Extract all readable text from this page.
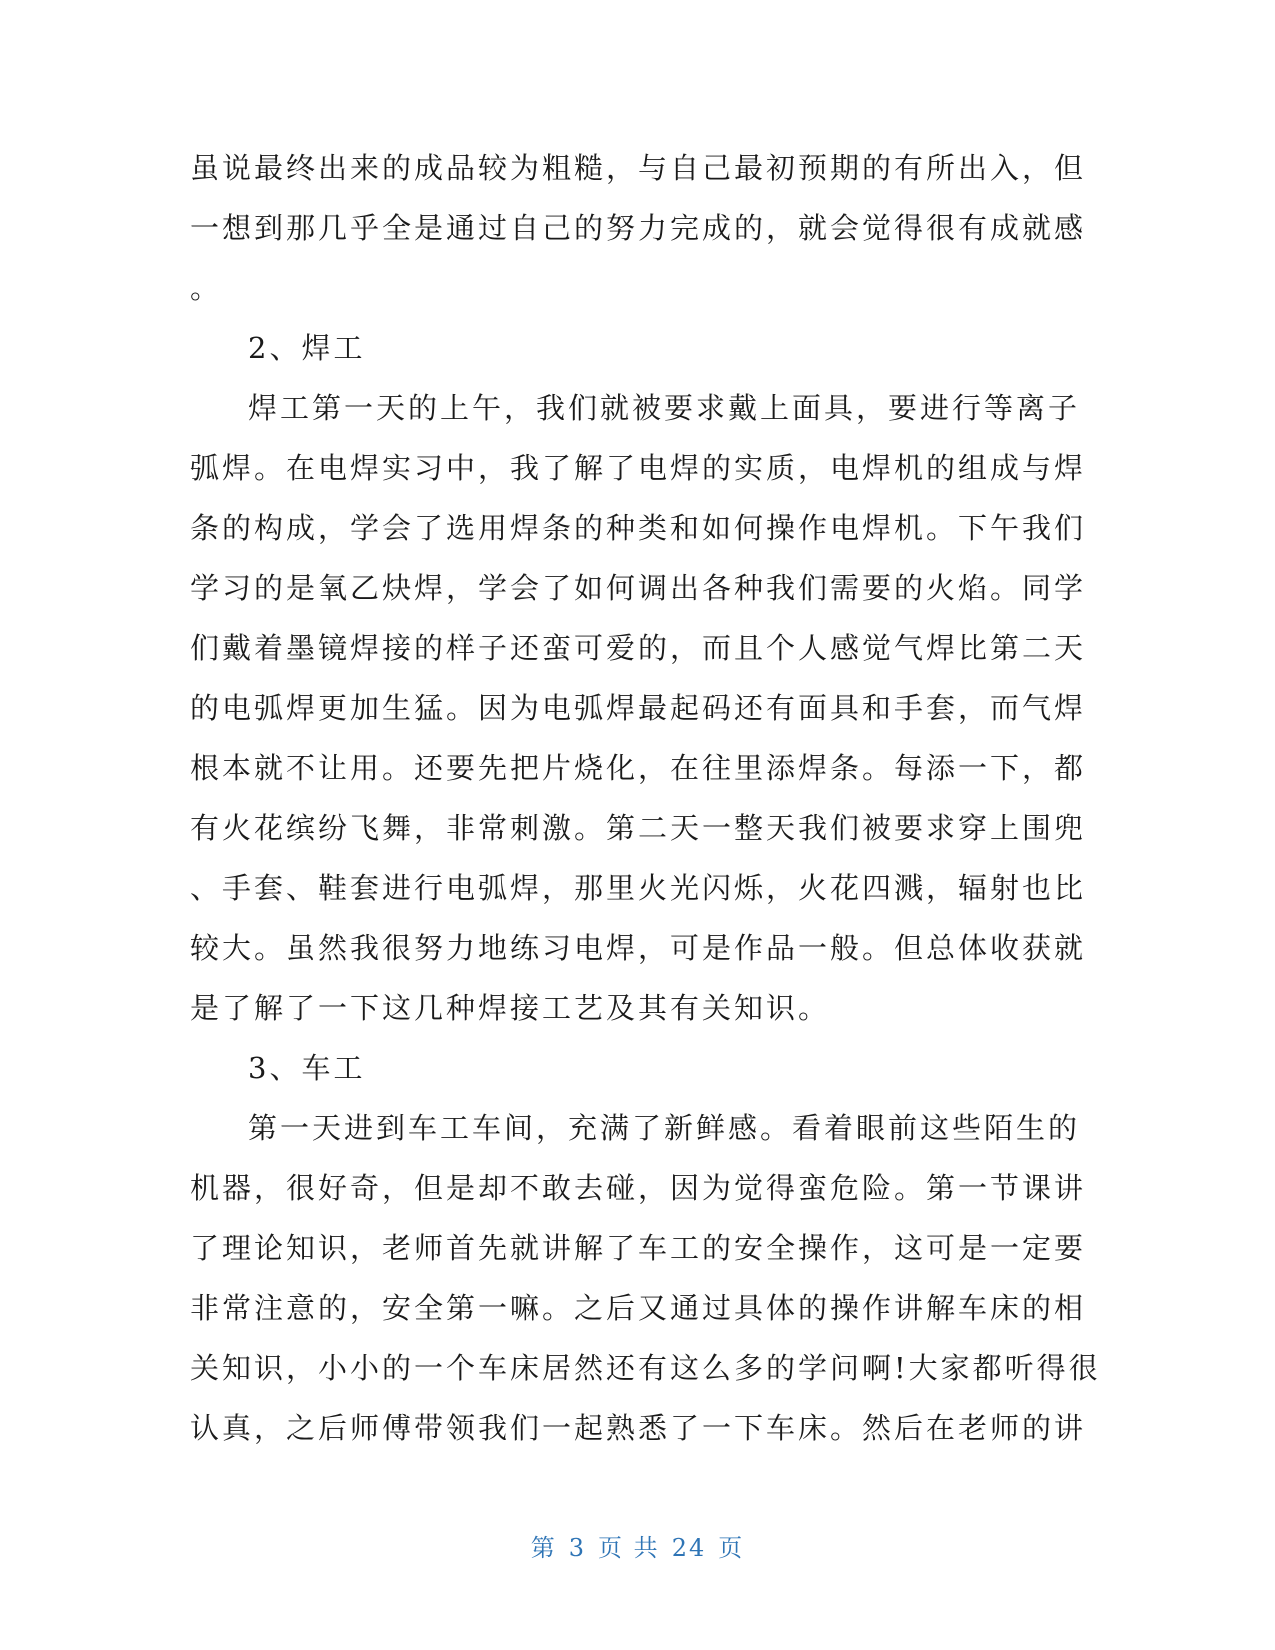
虽说最终出来的成品较为粗糙，与自己最初预期的有所出入，但
一想到那几乎全是通过自己的努力完成的，就会觉得很有成就感
。
2、焊工
焊工第一天的上午，我们就被要求戴上面具，要进行等离子
弧焊。在电焊实习中，我了解了电焊的实质，电焊机的组成与焊
条的构成，学会了选用焊条的种类和如何操作电焊机。下午我们
学习的是氧乙炔焊，学会了如何调出各种我们需要的火焰。同学
们戴着墨镜焊接的样子还蛮可爱的，而且个人感觉气焊比第二天
的电弧焊更加生猛。因为电弧焊最起码还有面具和手套，而气焊
根本就不让用。还要先把片烧化，在往里添焊条。每添一下，都
有火花缤纷飞舞，非常刺激。第二天一整天我们被要求穿上围兜
、手套、鞋套进行电弧焊，那里火光闪烁，火花四溅，辐射也比
较大。虽然我很努力地练习电焊，可是作品一般。但总体收获就
是了解了一下这几种焊接工艺及其有关知识。
3、车工
第一天进到车工车间，充满了新鲜感。看着眼前这些陌生的
机器，很好奇，但是却不敢去碰，因为觉得蛮危险。第一节课讲
了理论知识，老师首先就讲解了车工的安全操作，这可是一定要
非常注意的，安全第一嘛。之后又通过具体的操作讲解车床的相
关知识，小小的一个车床居然还有这么多的学问啊!大家都听得很
认真，之后师傅带领我们一起熟悉了一下车床。然后在老师的讲
第 3 页 共 24 页
